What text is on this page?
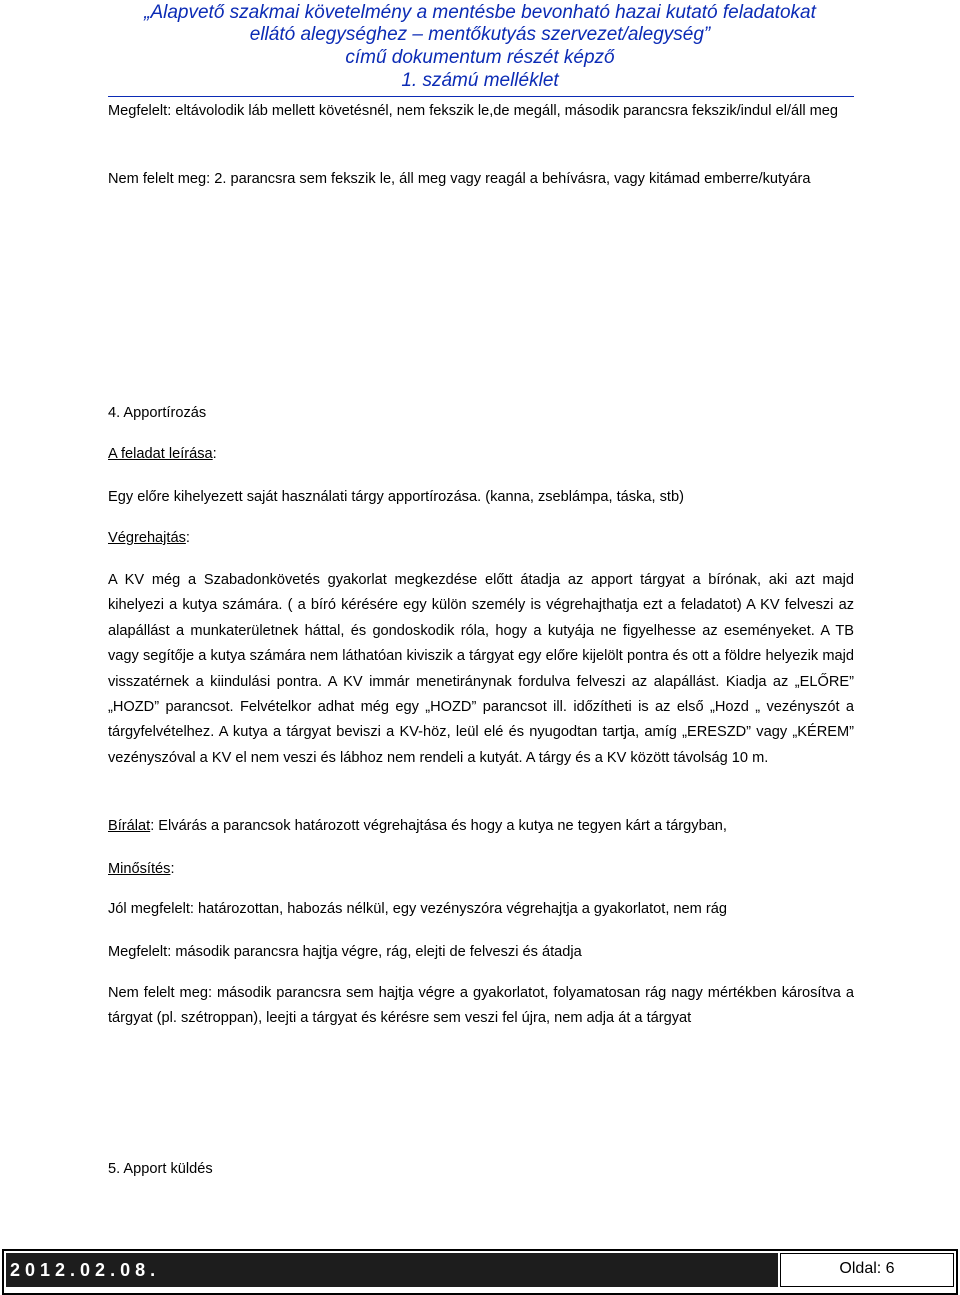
„Alapvető szakmai követelmény a mentésbe bevonható hazai kutató feladatokat
ellátó alegységhez – mentőkutyás szervezet/alegység”
című dokumentum részét képző
1. számú melléklet

Megfelelt: eltávolodik láb mellett követésnél, nem fekszik le,de megáll, második parancsra fekszik/indul el/áll meg

Nem felelt meg: 2. parancsra sem fekszik le, áll meg vagy reagál a behívásra, vagy kitámad emberre/kutyára

4. Apportírozás

A feladat leírása:

Egy előre kihelyezett saját használati tárgy apportírozása. (kanna, zseblámpa, táska, stb)

Végrehajtás:

A KV még a Szabadonkövetés gyakorlat megkezdése előtt átadja az apport tárgyat a bírónak, aki azt majd kihelyezi a kutya számára. ( a bíró kérésére egy külön személy is végrehajthatja ezt a feladatot) A KV felveszi az alapállást a munkaterületnek háttal, és gondoskodik róla, hogy a kutyája ne figyelhesse az eseményeket. A TB vagy segítője a kutya számára nem láthatóan kiviszik a tárgyat egy előre kijelölt pontra és ott a földre helyezik majd visszatérnek a kiindulási pontra. A KV immár menetiránynak fordulva felveszi az alapállást. Kiadja az „ELŐRE” „HOZD” parancsot. Felvételkor adhat még egy „HOZD” parancsot ill. időzítheti is az első „Hozd „ vezényszót a tárgyfelvételhez. A kutya a tárgyat beviszi a KV-höz, leül elé és nyugodtan tartja, amíg „ERESZD” vagy „KÉREM” vezényszóval a KV el nem veszi és lábhoz nem rendeli a kutyát. A tárgy és a KV között távolság 10 m.

Bírálat: Elvárás a parancsok határozott végrehajtása és hogy a kutya ne tegyen kárt a tárgyban,

Minősítés:

Jól megfelelt: határozottan, habozás nélkül, egy vezényszóra végrehajtja a gyakorlatot, nem rág

Megfelelt: második parancsra hajtja végre, rág, elejti de felveszi és átadja

Nem felelt meg: második parancsra sem hajtja végre a gyakorlatot, folyamatosan rág nagy mértékben károsítva a tárgyat (pl. szétroppan), leejti a tárgyat és kérésre sem veszi fel újra, nem adja át a tárgyat

5. Apport küldés

2012.02.08.	Oldal: 6
